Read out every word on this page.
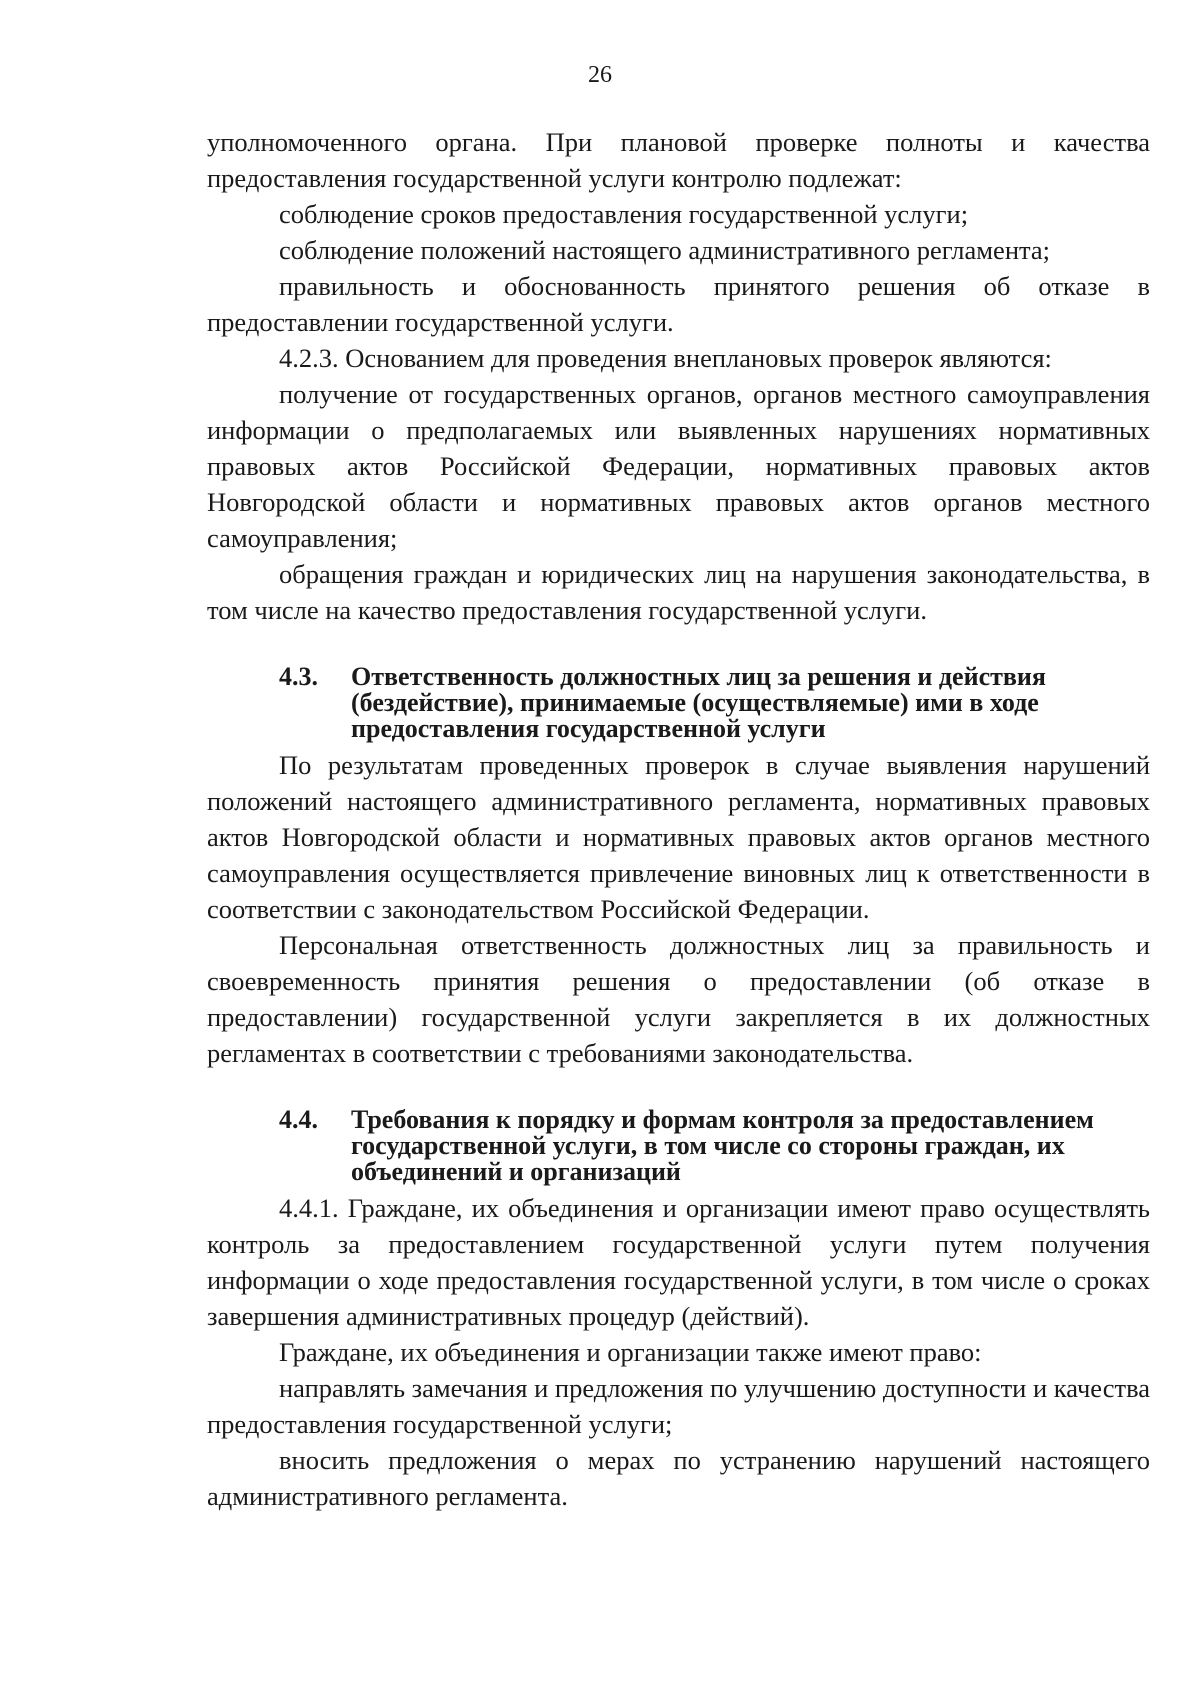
26

уполномоченного органа. При плановой проверке полноты и качества предоставления государственной услуги контролю подлежат:

соблюдение сроков предоставления государственной услуги;

соблюдение положений настоящего административного регламента;

правильность и обоснованность принятого решения об отказе в предоставлении государственной услуги.

4.2.3. Основанием для проведения внеплановых проверок являются:

получение от государственных органов, органов местного самоуправления информации о предполагаемых или выявленных нарушениях нормативных правовых актов Российской Федерации, нормативных правовых актов Новгородской области и нормативных правовых актов органов местного самоуправления;

обращения граждан и юридических лиц на нарушения законодательства, в том числе на качество предоставления государственной услуги.

4.3.	Ответственность должностных лиц за решения и действия (бездействие), принимаемые (осуществляемые) ими в ходе предоставления государственной услуги

По результатам проведенных проверок в случае выявления нарушений положений настоящего административного регламента, нормативных правовых актов Новгородской области и нормативных правовых актов органов местного самоуправления осуществляется привлечение виновных лиц к ответственности в соответствии с законодательством Российской Федерации.

Персональная ответственность должностных лиц за правильность и своевременность принятия решения о предоставлении (об отказе в предоставлении) государственной услуги закрепляется в их должностных регламентах в соответствии с требованиями законодательства.

4.4.	Требования к порядку и формам контроля за предоставлением государственной услуги, в том числе со стороны граждан, их объединений и организаций

4.4.1. Граждане, их объединения и организации имеют право осуществлять контроль за предоставлением государственной услуги путем получения информации о ходе предоставления государственной услуги, в том числе о сроках завершения административных процедур (действий).

Граждане, их объединения и организации также имеют право:

направлять замечания и предложения по улучшению доступности и качества предоставления государственной услуги;

вносить предложения о мерах по устранению нарушений настоящего административного регламента.
